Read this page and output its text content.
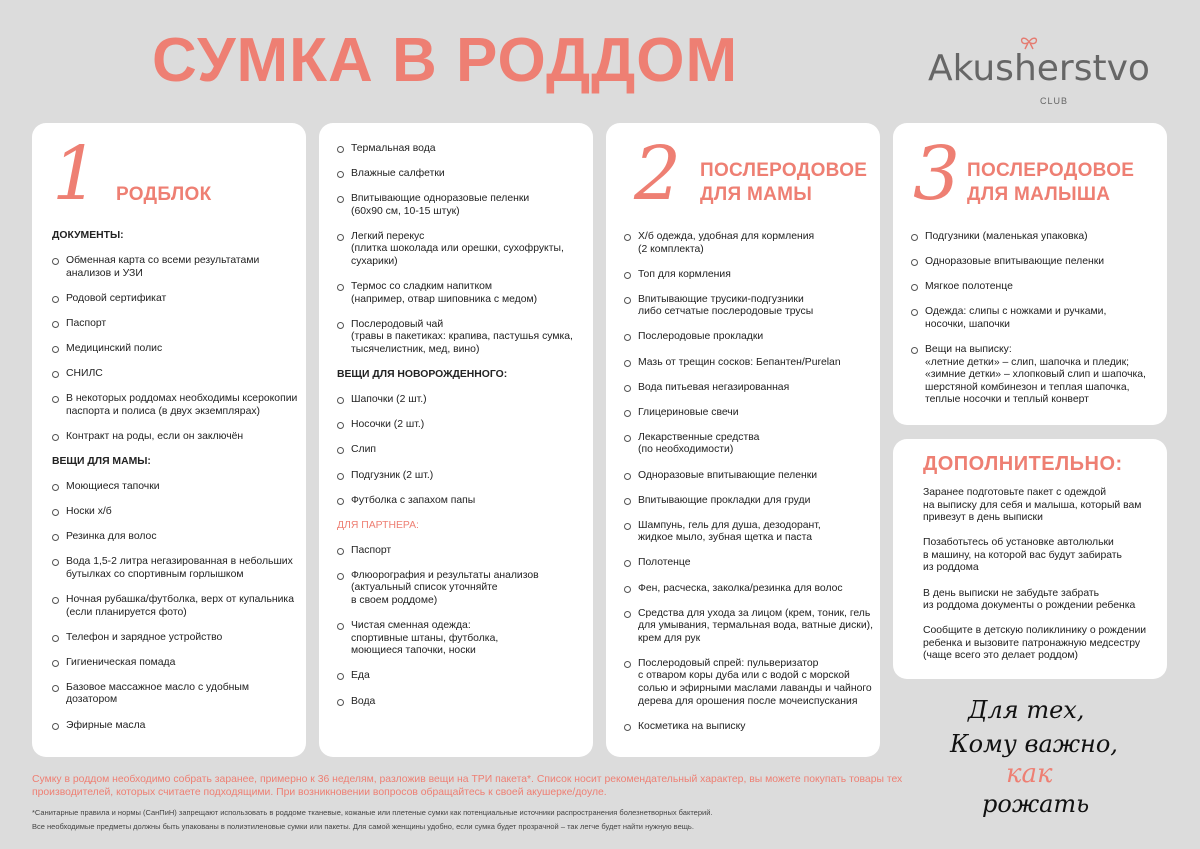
СУМКА В РОДДОМ	Akusherstvo
CLUB
1 РОДБЛОК
ДОКУМЕНТЫ:
Обменная карта со всеми результатами
анализов и УЗИ
Родовой сертификат
Паспорт
Медицинский полис
СНИЛС
В некоторых роддомах необходимы ксерокопии
паспорта и полиса (в двух экземплярах)
Контракт на роды, если он заключён
ВЕЩИ ДЛЯ МАМЫ:
Моющиеся тапочки
Носки х/б
Резинка для волос
Вода 1,5-2 литра негазированная в небольших
бутылках со спортивным горлышком
Ночная рубашка/футболка, верх от купальника
(если планируется фото)
Телефон и зарядное устройство
Гигиеническая помада
Базовое массажное масло с удобным
дозатором
Эфирные масла
Термальная вода
Влажные салфетки
Впитывающие одноразовые пеленки
(60х90 см, 10-15 штук)
Легкий перекус
(плитка шоколада или орешки, сухофрукты,
сухарики)
Термос со сладким напитком
(например, отвар шиповника с медом)
Послеродовый чай
(травы в пакетиках: крапива, пастушья сумка,
тысячелистник, мед, вино)
ВЕЩИ ДЛЯ НОВОРОЖДЕННОГО:
Шапочки (2 шт.)
Носочки (2 шт.)
Слип
Подгузник (2 шт.)
Футболка с запахом папы
ДЛЯ ПАРТНЕРА:
Паспорт
Флюорография и результаты анализов
(актуальный список уточняйте
в своем роддоме)
Чистая сменная одежда:
спортивные штаны, футболка,
моющиеся тапочки, носки
Еда
Вода
2 ПОСЛЕРОДОВОЕ
ДЛЯ МАМЫ
Х/б одежда, удобная для кормления
(2 комплекта)
Топ для кормления
Впитывающие трусики-подгузники
либо сетчатые послеродовые трусы
Послеродовые прокладки
Мазь от трещин сосков: Бепантен/Purelan
Вода питьевая негазированная
Глицериновые свечи
Лекарственные средства
(по необходимости)
Одноразовые впитывающие пеленки
Впитывающие прокладки для груди
Шампунь, гель для душа, дезодорант,
жидкое мыло, зубная щетка и паста
Полотенце
Фен, расческа, заколка/резинка для волос
Средства для ухода за лицом (крем, тоник, гель
для умывания, термальная вода, ватные диски),
крем для рук
Послеродовый спрей: пульверизатор
с отваром коры дуба или с водой с морской
солью и эфирными маслами лаванды и чайного
дерева для орошения после мочеиспускания
Косметика на выписку
3 ПОСЛЕРОДОВОЕ
ДЛЯ МАЛЫША
Подгузники (маленькая упаковка)
Одноразовые впитывающие пеленки
Мягкое полотенце
Одежда: слипы с ножками и ручками,
носочки, шапочки
Вещи на выписку:
«летние детки» – слип, шапочка и пледик;
«зимние детки» – хлопковый слип и шапочка,
шерстяной комбинезон и теплая шапочка,
теплые носочки и теплый конверт
ДОПОЛНИТЕЛЬНО:
Заранее подготовьте пакет с одеждой
на выписку для себя и малыша, который вам
привезут в день выписки
Позаботьтесь об установке автолюльки
в машину, на которой вас будут забирать
из роддома
В день выписки не забудьте забрать
из роддома документы о рождении ребенка
Сообщите в детскую поликлинику о рождении
ребенка и вызовите патронажную медсестру
(чаще всего это делает роддом)
Для тех,
Кому важно,
как
рожать
Сумку в роддом необходимо собрать заранее, примерно к 36 неделям, разложив вещи на ТРИ пакета*. Список носит рекомендательный характер, вы можете покупать товары тех производителей, которых считаете подходящими. При возникновении вопросов обращайтесь к своей акушерке/доуле.
*Санитарные правила и нормы (СанПиН) запрещают использовать в роддоме тканевые, кожаные или плетеные сумки как потенциальные источники распространения болезнетворных бактерий.
Все необходимые предметы должны быть упакованы в полиэтиленовые сумки или пакеты. Для самой женщины удобно, если сумка будет прозрачной – так легче будет найти нужную вещь.
